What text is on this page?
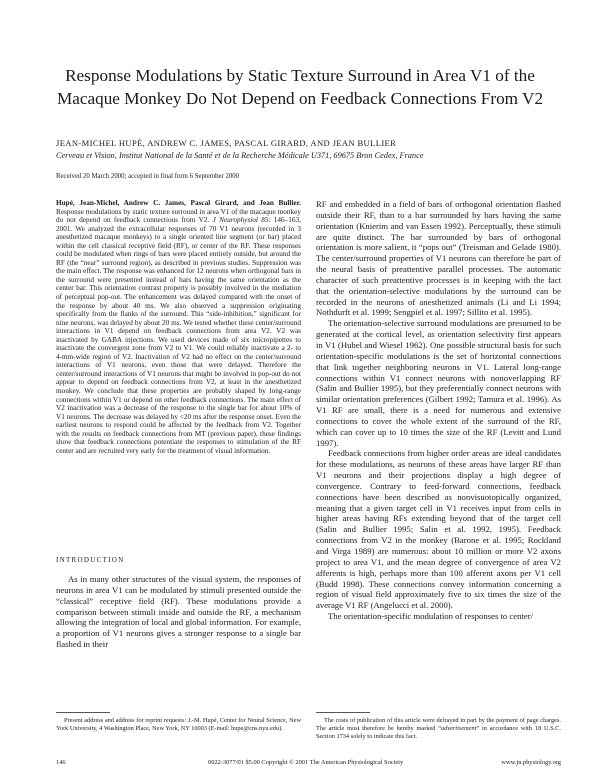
Response Modulations by Static Texture Surround in Area V1 of the Macaque Monkey Do Not Depend on Feedback Connections From V2
JEAN-MICHEL HUPÉ, ANDREW C. JAMES, PASCAL GIRARD, AND JEAN BULLIER
Cerveau et Vision, Institut National de la Santé et de la Recherche Médicale U371, 69675 Bron Cedex, France
Received 20 March 2000; accepted in final form 6 September 2000

Hupé, Jean-Michel, Andrew C. James, Pascal Girard, and Jean Bullier. Response modulations by static texture surround in area V1 of the macaque monkey do not depend on feedback connections from V2. J Neurophysiol 85: 146–163, 2001. We analyzed the extracellular responses of 70 V1 neurons (recorded in 3 anesthetized macaque monkeys) to a single oriented line segment (or bar) placed within the cell classical receptive field (RF), or center of the RF. These responses could be modulated when rings of bars were placed entirely outside, but around the RF (the “near” surround region), as described in previous studies. Suppression was the main effect. The response was enhanced for 12 neurons when orthogonal bars in the surround were presented instead of bars having the same orientation as the center bar. This orientation contrast property is possibly involved in the mediation of perceptual pop-out. The enhancement was delayed compared with the onset of the response by about 40 ms. We also observed a suppression originating specifically from the flanks of the surround. This “side-inhibition,” significant for nine neurons, was delayed by about 20 ms. We tested whether these center/surround interactions in V1 depend on feedback connections from area V2. V2 was inactivated by GABA injections. We used devices made of six micropipettes to inactivate the convergent zone from V2 to V1. We could reliably inactivate a 2- to 4-mm-wide region of V2. Inactivation of V2 had no effect on the center/surround interactions of V1 neurons, even those that were delayed. Therefore the center/surround interactions of V1 neurons that might be involved in pop-out do not appear to depend on feedback connections from V2, at least in the anesthetized monkey. We conclude that these properties are probably shaped by long-range connections within V1 or depend on other feedback connections. The main effect of V2 inactivation was a decrease of the response to the single bar for about 10% of V1 neurons. The decrease was delayed by <20 ms after the response onset. Even the earliest neurons to respond could be affected by the feedback from V2. Together with the results on feedback connections from MT (previous paper), these findings show that feedback connections potentiate the responses to stimulation of the RF center and are recruited very early for the treatment of visual information.

INTRODUCTION

As in many other structures of the visual system, the responses of neurons in area V1 can be modulated by stimuli presented outside the “classical” receptive field (RF). These modulations provide a comparison between stimuli inside and outside the RF, a mechanism allowing the integration of local and global information. For example, a proportion of V1 neurons gives a stronger response to a single bar flashed in their

RF and embedded in a field of bars of orthogonal orientation flashed outside their RF, than to a bar surrounded by bars having the same orientation (Knierim and van Essen 1992). Perceptually, these stimuli are quite distinct. The bar surrounded by bars of orthogonal orientation is more salient, it “pops out” (Treisman and Gelade 1980). The center/surround properties of V1 neurons can therefore be part of the neural basis of preattentive parallel processes. The automatic character of such preattentive processes is in keeping with the fact that the orientation-selective modulations by the surround can be recorded in the neurons of anesthetized animals (Li and Li 1994; Nothdurft et al. 1999; Sengpiel et al. 1997; Sillito et al. 1995).

The orientation-selective surround modulations are presumed to be generated at the cortical level, as orientation selectivity first appears in V1 (Hubel and Wiesel 1962). One possible structural basis for such orientation-specific modulations is the set of horizontal connections that link together neighboring neurons in V1. Lateral long-range connections within V1 connect neurons with nonoverlapping RF (Salin and Bullier 1995), but they preferentially connect neurons with similar orientation preferences (Gilbert 1992; Tamura et al. 1996). As V1 RF are small, there is a need for numerous and extensive connections to cover the whole extent of the surround of the RF, which can cover up to 10 times the size of the RF (Levitt and Lund 1997).

Feedback connections from higher order areas are ideal candidates for these modulations, as neurons of these areas have larger RF than V1 neurons and their projections display a high degree of convergence. Contrary to feed-forward connections, feedback connections have been described as nonvisuotopically organized, meaning that a given target cell in V1 receives input from cells in higher areas having RFs extending beyond that of the target cell (Salin and Bullier 1995; Salin et al. 1992, 1995). Feedback connections from V2 in the monkey (Barone et al. 1995; Rockland and Virga 1989) are numerous: about 10 million or more V2 axons project to area V1, and the mean degree of convergence of area V2 afferents is high, perhaps more than 100 afferent axons per V1 cell (Budd 1998). These connections convey information concerning a region of visual field approximately five to six times the size of the average V1 RF (Angelucci et al. 2000).

The orientation-specific modulation of responses to center/

Present address and address for reprint requests: J.-M. Hupé, Center for Neural Science, New York University, 4 Washington Place, New York, NY 10003 (E-mail: hupe@cns.nyu.edu).

The costs of publication of this article were defrayed in part by the payment of page charges. The article must therefore be hereby marked “advertisement” in accordance with 18 U.S.C. Section 1734 solely to indicate this fact.

146	0022-3077/01 $5.00 Copyright © 2001 The American Physiological Society	www.jn.physiology.org
